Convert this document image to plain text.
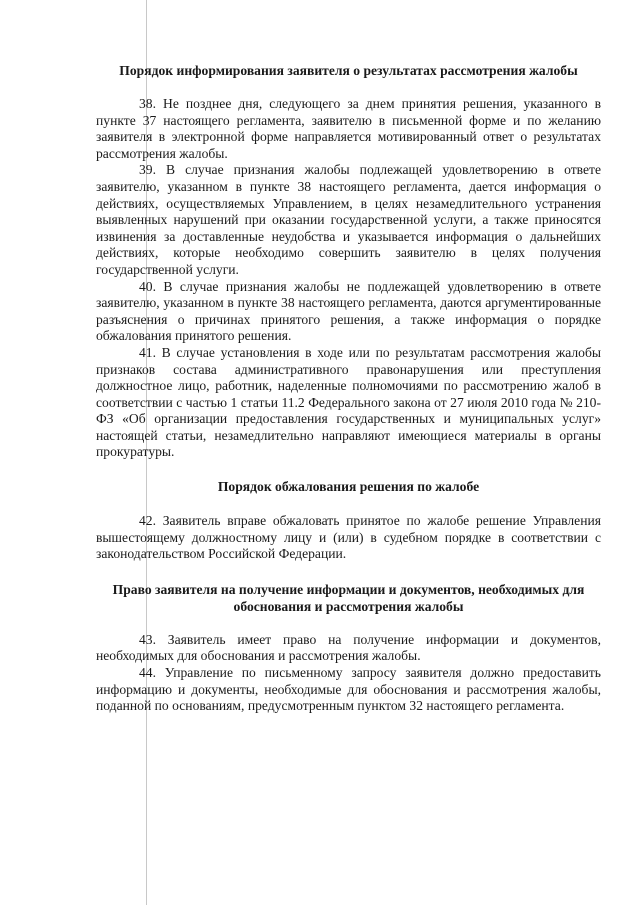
Порядок информирования заявителя о результатах рассмотрения жалобы

38. Не позднее дня, следующего за днем принятия решения, указанного в пункте 37 настоящего регламента, заявителю в письменной форме и по желанию заявителя в электронной форме направляется мотивированный ответ о результатах рассмотрения жалобы.

39. В случае признания жалобы подлежащей удовлетворению в ответе заявителю, указанном в пункте 38 настоящего регламента, дается информация о действиях, осуществляемых Управлением, в целях незамедлительного устранения выявленных нарушений при оказании государственной услуги, а также приносятся извинения за доставленные неудобства и указывается информация о дальнейших действиях, которые необходимо совершить заявителю в целях получения государственной услуги.

40. В случае признания жалобы не подлежащей удовлетворению в ответе заявителю, указанном в пункте 38 настоящего регламента, даются аргументированные разъяснения о причинах принятого решения, а также информация о порядке обжалования принятого решения.

41. В случае установления в ходе или по результатам рассмотрения жалобы признаков состава административного правонарушения или преступления должностное лицо, работник, наделенные полномочиями по рассмотрению жалоб в соответствии с частью 1 статьи 11.2 Федерального закона от 27 июля 2010 года № 210-ФЗ «Об организации предоставления государственных и муниципальных услуг» настоящей статьи, незамедлительно направляют имеющиеся материалы в органы прокуратуры.

Порядок обжалования решения по жалобе

42. Заявитель вправе обжаловать принятое по жалобе решение Управления вышестоящему должностному лицу и (или) в судебном порядке в соответствии с законодательством Российской Федерации.

Право заявителя на получение информации и документов, необходимых для обоснования и рассмотрения жалобы

43. Заявитель имеет право на получение информации и документов, необходимых для обоснования и рассмотрения жалобы.

44. Управление по письменному запросу заявителя должно предоставить информацию и документы, необходимые для обоснования и рассмотрения жалобы, поданной по основаниям, предусмотренным пунктом 32 настоящего регламента.
